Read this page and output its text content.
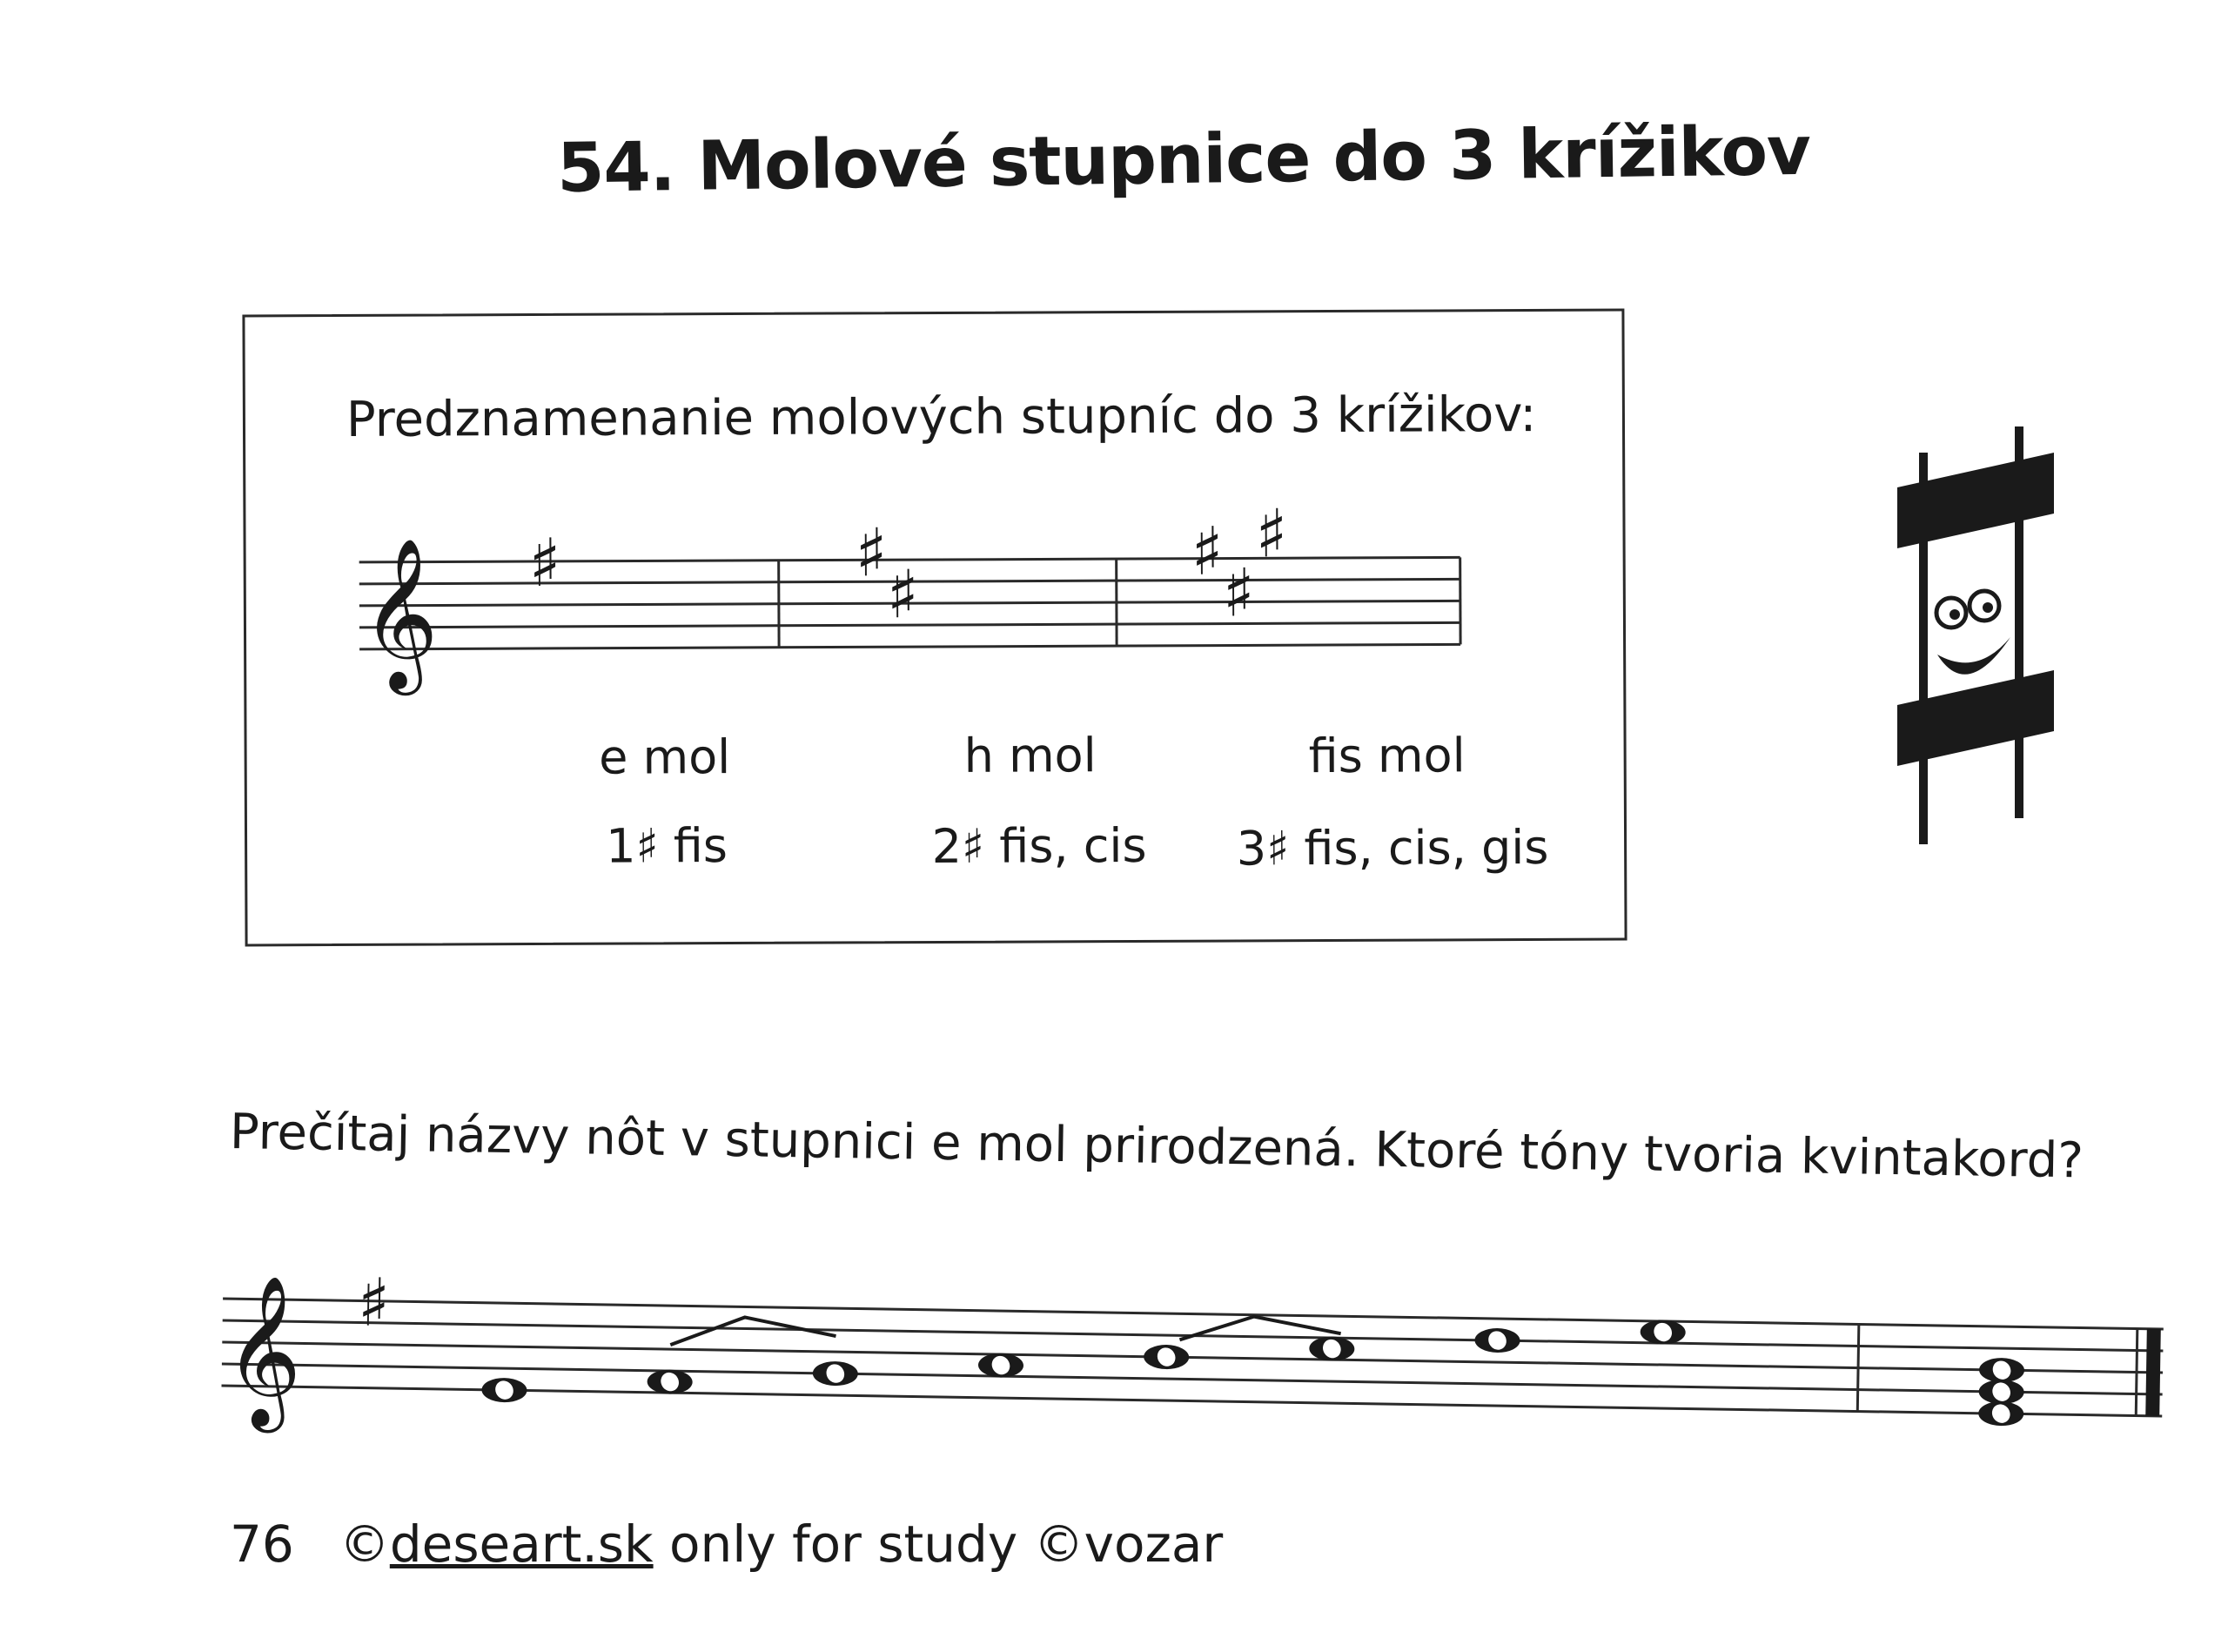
54. Molové stupnice do 3 krížikov
Predznamenanie molových stupníc do 3 krížikov:
𝄞 ♯	♯
♯
♯
♯
♯
e mol	h mol	fis mol
1♯ fis	2♯ fis, cis	3♯ fis, cis, gis
Prečítaj názvy nôt v stupnici e mol prirodzená. Ktoré tóny tvoria kvintakord?
𝄞 ♯
76 ©deseart.sk only for study ©vozar
